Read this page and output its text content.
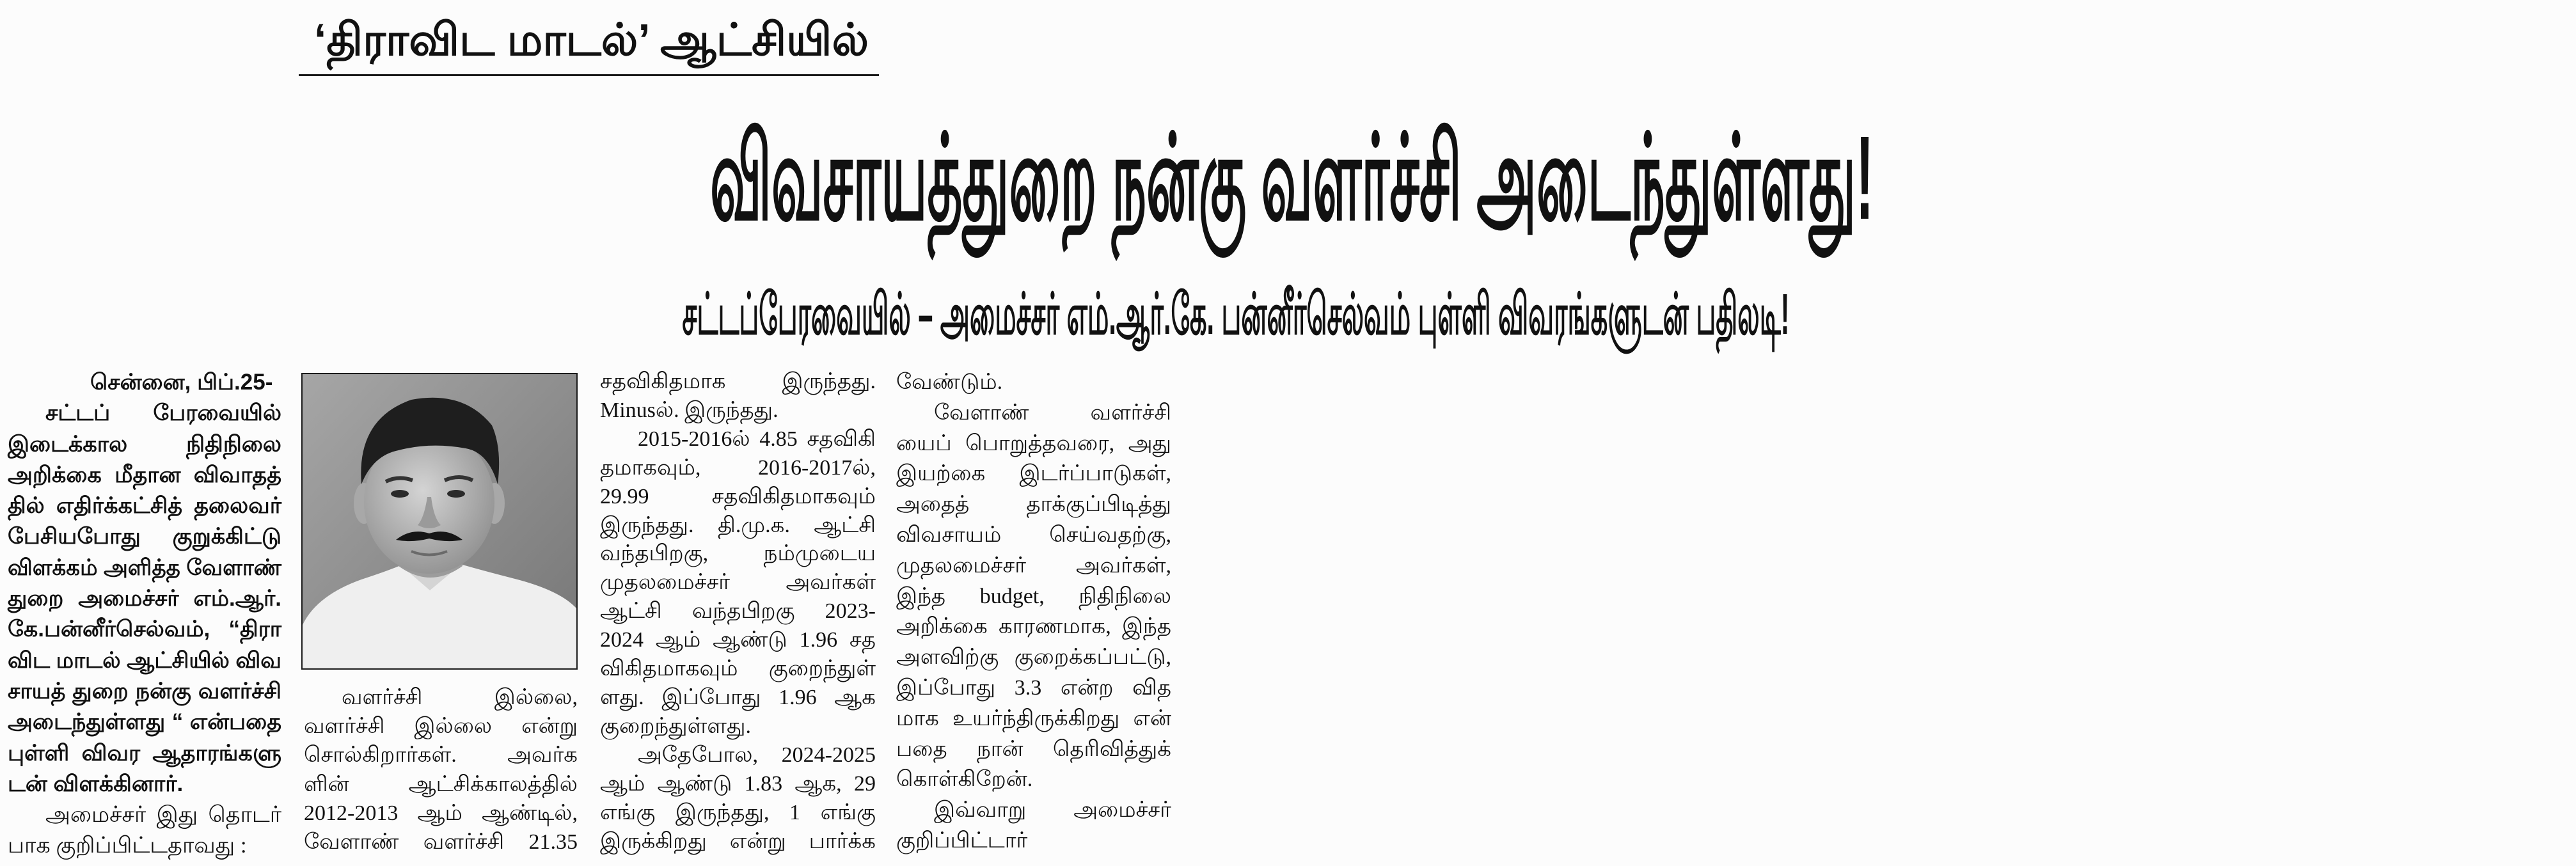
‘திராவிட மாடல்’ ஆட்சியில்
விவசாயத்துறை நன்கு வளர்ச்சி அடைந்துள்ளது!
சட்டப்பேரவையில் – அமைச்சர் எம்.ஆர்.கே. பன்னீர்செல்வம் புள்ளி விவரங்களுடன் பதிலடி!
சென்னை, பிப்.25-
சட்டப் பேரவையில்
இடைக்கால நிதிநிலை
அறிக்கை மீதான விவாதத்
தில் எதிர்க்கட்சித் தலைவர்
பேசியபோது குறுக்கிட்டு
விளக்கம் அளித்த வேளாண்
துறை அமைச்சர் எம்.ஆர்.
கே.பன்னீர்செல்வம், “திரா
விட மாடல் ஆட்சியில் விவ
சாயத் துறை நன்கு வளர்ச்சி
அடைந்துள்ளது “ என்பதை
புள்ளி விவர ஆதாரங்களு
டன் விளக்கினார்.
அமைச்சர் இது தொடர்
பாக குறிப்பிட்டதாவது :
வளர்ச்சி இல்லை,
வளர்ச்சி இல்லை என்று
சொல்கிறார்கள். அவர்க
ளின் ஆட்சிக்காலத்தில்
2012-2013 ஆம் ஆண்டில்,
வேளாண் வளர்ச்சி 21.35
சதவிகிதமாக இருந்தது.
Minusல். இருந்தது.
2015-2016ல் 4.85 சதவிகி
தமாகவும், 2016-2017ல்,
29.99 சதவிகிதமாகவும்
இருந்தது. தி.மு.க. ஆட்சி
வந்தபிறகு, நம்முடைய
முதலமைச்சர் அவர்கள்
ஆட்சி வந்தபிறகு 2023-
2024 ஆம் ஆண்டு 1.96 சத
விகிதமாகவும் குறைந்துள்
ளது. இப்போது 1.96 ஆக
குறைந்துள்ளது.
அதேபோல, 2024-2025
ஆம் ஆண்டு 1.83 ஆக, 29
எங்கு இருந்தது, 1 எங்கு
இருக்கிறது என்று பார்க்க
வேண்டும்.
வேளாண் வளர்ச்சி
யைப் பொறுத்தவரை, அது
இயற்கை இடர்ப்பாடுகள்,
அதைத் தாக்குப்பிடித்து
விவசாயம் செய்வதற்கு,
முதலமைச்சர் அவர்கள்,
இந்த budget, நிதிநிலை
அறிக்கை காரணமாக, இந்த
அளவிற்கு குறைக்கப்பட்டு,
இப்போது 3.3 என்ற வித
மாக உயர்ந்திருக்கிறது என்
பதை நான் தெரிவித்துக்
கொள்கிறேன்.
இவ்வாறு அமைச்சர்
குறிப்பிட்டார்
